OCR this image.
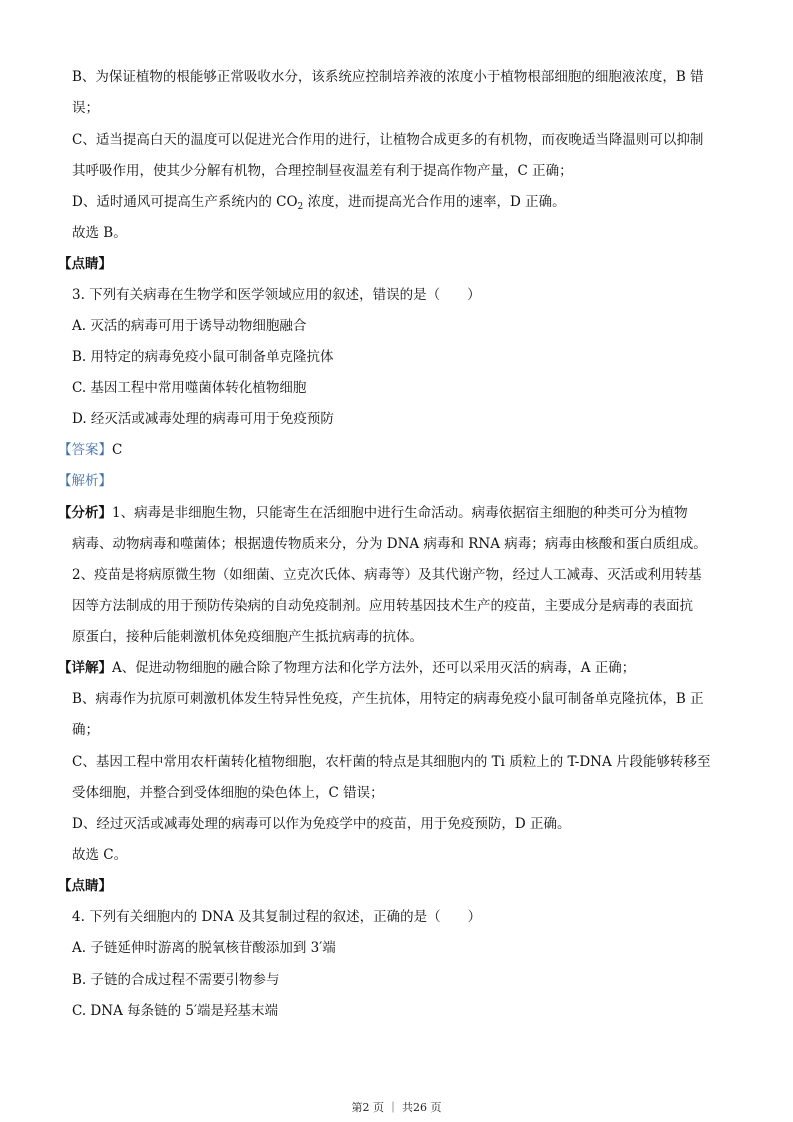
B、为保证植物的根能够正常吸收水分，该系统应控制培养液的浓度小于植物根部细胞的细胞液浓度，B 错
误；
C、适当提高白天的温度可以促进光合作用的进行，让植物合成更多的有机物，而夜晚适当降温则可以抑制
其呼吸作用，使其少分解有机物，合理控制昼夜温差有利于提高作物产量，C 正确；
D、适时通风可提高生产系统内的 $CO_2$ 浓度，进而提高光合作用的速率，D 正确。
故选 B。
【点睛】
3. 下列有关病毒在生物学和医学领域应用的叙述，错误的是（　　）
A. 灭活的病毒可用于诱导动物细胞融合
B. 用特定的病毒免疫小鼠可制备单克隆抗体
C. 基因工程中常用噬菌体转化植物细胞
D. 经灭活或减毒处理的病毒可用于免疫预防
【答案】C
【解析】
【分析】1、病毒是非细胞生物，只能寄生在活细胞中进行生命活动。病毒依据宿主细胞的种类可分为植物
病毒、动物病毒和噬菌体；根据遗传物质来分，分为 DNA 病毒和 RNA 病毒；病毒由核酸和蛋白质组成。
2、疫苗是将病原微生物（如细菌、立克次氏体、病毒等）及其代谢产物，经过人工减毒、灭活或利用转基
因等方法制成的用于预防传染病的自动免疫制剂。应用转基因技术生产的疫苗，主要成分是病毒的表面抗
原蛋白，接种后能刺激机体免疫细胞产生抵抗病毒的抗体。
【详解】A、促进动物细胞的融合除了物理方法和化学方法外，还可以采用灭活的病毒，A 正确；
B、病毒作为抗原可刺激机体发生特异性免疫，产生抗体，用特定的病毒免疫小鼠可制备单克隆抗体，B 正
确；
C、基因工程中常用农杆菌转化植物细胞，农杆菌的特点是其细胞内的 Ti 质粒上的 T-DNA 片段能够转移至
受体细胞，并整合到受体细胞的染色体上，C 错误；
D、经过灭活或减毒处理的病毒可以作为免疫学中的疫苗，用于免疫预防，D 正确。
故选 C。
【点睛】
4. 下列有关细胞内的 DNA 及其复制过程的叙述，正确的是（　　）
A. 子链延伸时游离的脱氧核苷酸添加到 3′端
B. 子链的合成过程不需要引物参与
C. DNA 每条链的 5′端是羟基末端
第2 页 ｜ 共26 页
